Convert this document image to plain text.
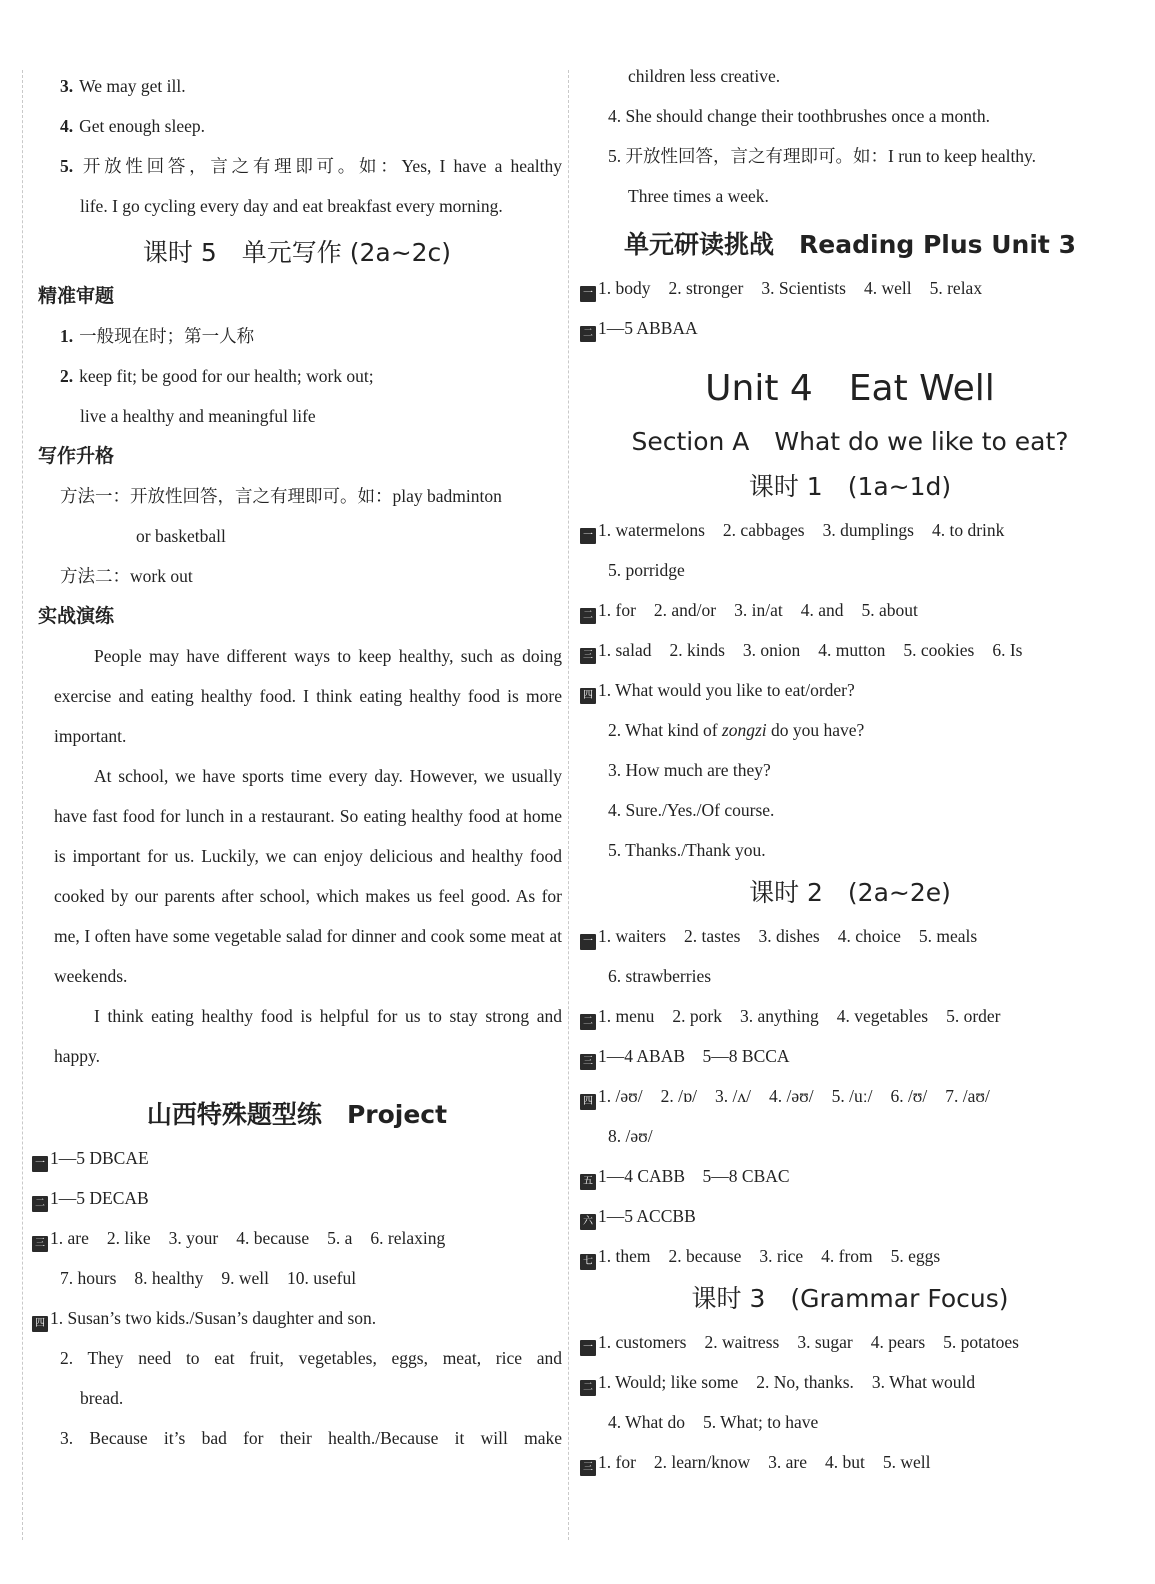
3. We may get ill.
4. Get enough sleep.
5. 开放性回答，言之有理即可。如：Yes, I have a healthy
life. I go cycling every day and eat breakfast every morning.
课时 5　单元写作 (2a~2c)
精准审题
1. 一般现在时；第一人称
2. keep fit; be good for our health; work out;
live a healthy and meaningful life
写作升格
方法一：开放性回答，言之有理即可。如：play badminton
or basketball
方法二：work out
实战演练

People may have different ways to keep healthy, such as doing exercise and eating healthy food. I think eating healthy food is more important.

At school, we have sports time every day. However, we usually have fast food for lunch in a restaurant. So eating healthy food at home is important for us. Luckily, we can enjoy delicious and healthy food cooked by our parents after school, which makes us feel good. As for me, I often have some vegetable salad for dinner and cook some meat at weekends.

I think eating healthy food is helpful for us to stay strong and happy.

山西特殊题型练　 Project
一 1—5 DBCAE
二 1—5 DECAB
三 1. are 2. like 3. your 4. because 5. a 6. relaxing
7. hours 8. healthy 9. well 10. useful
四 1. Susan’s two kids./Susan’s daughter and son.
2. They need to eat fruit, vegetables, eggs, meat, rice and
bread.
3. Because it’s bad for their health./Because it will make
children less creative.
4. She should change their toothbrushes once a month.
5. 开放性回答，言之有理即可。如：I run to keep healthy.
Three times a week.
单元研读挑战　 Reading Plus Unit 3
一 1. body 2. stronger 3. Scientists 4. well 5. relax
二 1—5 ABBAA
Unit 4　Eat Well
Section A　What do we like to eat?
课时 1　(1a~1d)
一 1. watermelons 2. cabbages 3. dumplings 4. to drink
5. porridge
二 1. for 2. and/or 3. in/at 4. and 5. about
三 1. salad 2. kinds 3. onion 4. mutton 5. cookies 6. Is
四 1. What would you like to eat/order?
2. What kind of zongzi do you have?
3. How much are they?
4. Sure./Yes./Of course.
5. Thanks./Thank you.
课时 2　(2a~2e)
一 1. waiters 2. tastes 3. dishes 4. choice 5. meals
6. strawberries
二 1. menu 2. pork 3. anything 4. vegetables 5. order
三 1—4 ABAB　5—8 BCCA
四 1. /əʊ/ 2. /ɒ/ 3. /ʌ/ 4. /əʊ/ 5. /uː/ 6. /ʊ/ 7. /aʊ/
8. /əʊ/
五 1—4 CABB　5—8 CBAC
六 1—5 ACCBB
七 1. them 2. because 3. rice 4. from 5. eggs
课时 3　(Grammar Focus)
一 1. customers 2. waitress 3. sugar 4. pears 5. potatoes
二 1. Would; like some 2. No, thanks. 3. What would
4. What do 5. What; to have
三 1. for 2. learn/know 3. are 4. but 5. well
